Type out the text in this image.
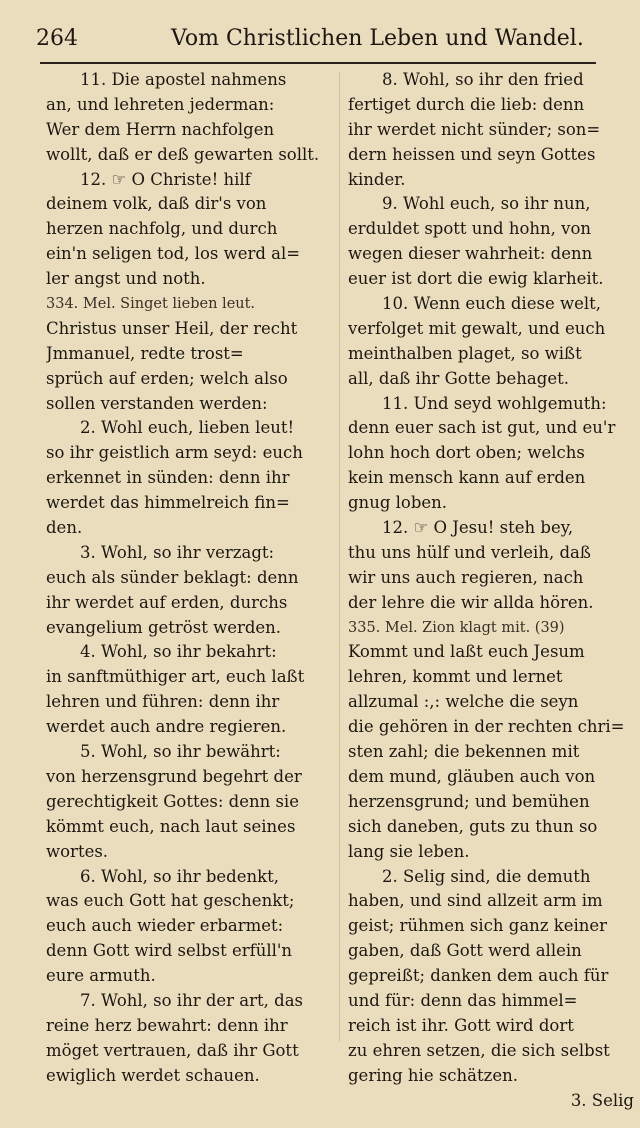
264	Vom Christlichen Leben und Wandel.
11. Die apostel nahmens
an, und lehreten jederman:
Wer dem Herrn nachfolgen
wollt, daß er deß gewarten sollt.
12. ☞ O Christe! hilf
deinem volk, daß dir's von
herzen nachfolg, und durch
ein'n seligen tod, los werd al=
ler angst und noth.
334. Mel. Singet lieben leut.
Christus unser Heil, der recht
Jmmanuel, redte trost=
sprüch auf erden; welch also
sollen verstanden werden:
2. Wohl euch, lieben leut!
so ihr geistlich arm seyd: euch
erkennet in sünden: denn ihr
werdet das himmelreich fin=
den.
3. Wohl, so ihr verzagt:
euch als sünder beklagt: denn
ihr werdet auf erden, durchs
evangelium getröst werden.
4. Wohl, so ihr bekahrt:
in sanftmüthiger art, euch laßt
lehren und führen: denn ihr
werdet auch andre regieren.
5. Wohl, so ihr bewährt:
von herzensgrund begehrt der
gerechtigkeit Gottes: denn sie
kömmt euch, nach laut seines
wortes.
6. Wohl, so ihr bedenkt,
was euch Gott hat geschenkt;
euch auch wieder erbarmet:
denn Gott wird selbst erfüll'n
eure armuth.
7. Wohl, so ihr der art, das
reine herz bewahrt: denn ihr
möget vertrauen, daß ihr Gott
ewiglich werdet schauen.
8. Wohl, so ihr den fried
fertiget durch die lieb: denn
ihr werdet nicht sünder; son=
dern heissen und seyn Gottes
kinder.
9. Wohl euch, so ihr nun,
erduldet spott und hohn, von
wegen dieser wahrheit: denn
euer ist dort die ewig klarheit.
10. Wenn euch diese welt,
verfolget mit gewalt, und euch
meinthalben plaget, so wißt
all, daß ihr Gotte behaget.
11. Und seyd wohlgemuth:
denn euer sach ist gut, und eu'r
lohn hoch dort oben; welchs
kein mensch kann auf erden
gnug loben.
12. ☞ O Jesu! steh bey,
thu uns hülf und verleih, daß
wir uns auch regieren, nach
der lehre die wir allda hören.
335. Mel. Zion klagt mit. (39)
Kommt und laßt euch Jesum
lehren, kommt und lernet
allzumal :,: welche die seyn
die gehören in der rechten chri=
sten zahl; die bekennen mit
dem mund, gläuben auch von
herzensgrund; und bemühen
sich daneben, guts zu thun so
lang sie leben.
2. Selig sind, die demuth
haben, und sind allzeit arm im
geist; rühmen sich ganz keiner
gaben, daß Gott werd allein
gepreißt; danken dem auch für
und für: denn das himmel=
reich ist ihr. Gott wird dort
zu ehren setzen, die sich selbst
gering hie schätzen.
3. Selig
